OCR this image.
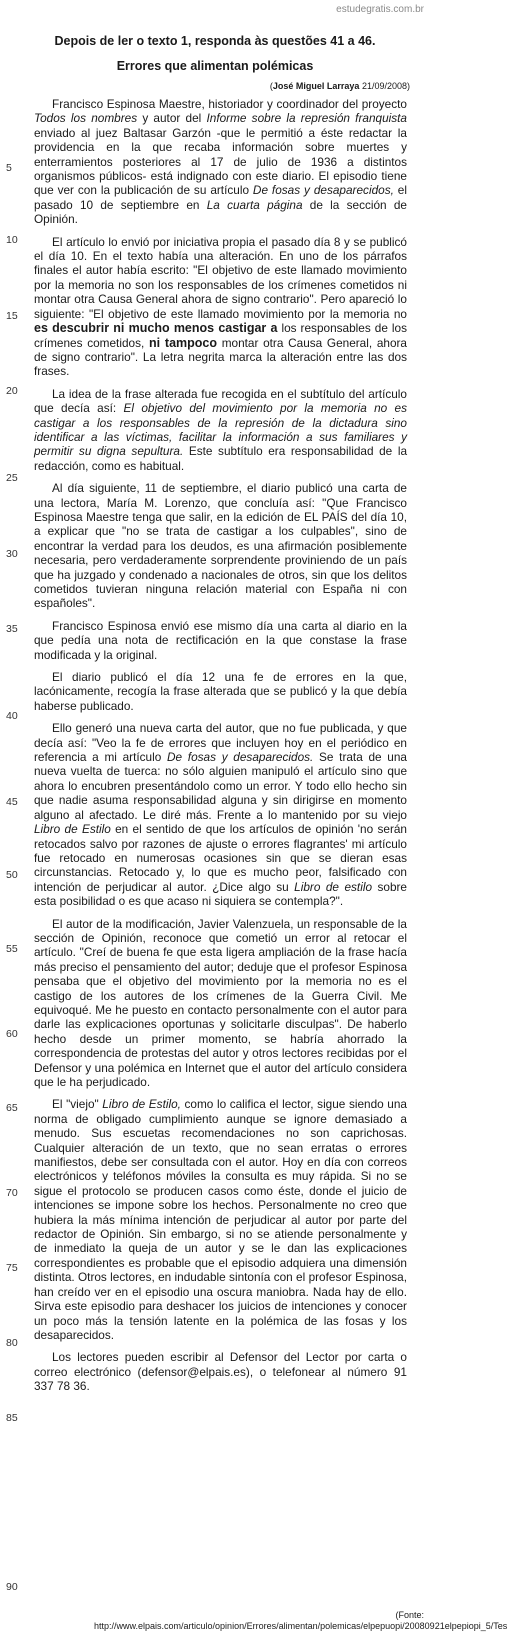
estudegratis.com.br
Depois de ler o texto 1, responda às questões 41 a 46.
Errores que alimentan polémicas
(José Miguel Larraya 21/09/2008)
5
10
15
20
25
30
35
40
45
50
55
60
65
70
75
80
85
90

Francisco Espinosa Maestre, historiador y coordinador del proyecto Todos los nombres y autor del Informe sobre la represión franquista enviado al juez Baltasar Garzón -que le permitió a éste redactar la providencia en la que recaba información sobre muertes y enterramientos posteriores al 17 de julio de 1936 a distintos organismos públicos- está indignado con este diario. El episodio tiene que ver con la publicación de su artículo De fosas y desaparecidos, el pasado 10 de septiembre en La cuarta página de la sección de Opinión.

El artículo lo envió por iniciativa propia el pasado día 8 y se publicó el día 10. En el texto había una alteración. En uno de los párrafos finales el autor había escrito: "El objetivo de este llamado movimiento por la memoria no son los responsables de los crímenes cometidos ni montar otra Causa General ahora de signo contrario". Pero apareció lo siguiente: "El objetivo de este llamado movimiento por la memoria no es descubrir ni mucho menos castigar a los responsables de los crímenes cometidos, ni tampoco montar otra Causa General, ahora de signo contrario". La letra negrita marca la alteración entre las dos frases.

La idea de la frase alterada fue recogida en el subtítulo del artículo que decía así: El objetivo del movimiento por la memoria no es castigar a los responsables de la represión de la dictadura sino identificar a las víctimas, facilitar la información a sus familiares y permitir su digna sepultura. Este subtítulo era responsabilidad de la redacción, como es habitual.

Al día siguiente, 11 de septiembre, el diario publicó una carta de una lectora, María M. Lorenzo, que concluía así: "Que Francisco Espinosa Maestre tenga que salir, en la edición de EL PAÍS del día 10, a explicar que "no se trata de castigar a los culpables", sino de encontrar la verdad para los deudos, es una afirmación posiblemente necesaria, pero verdaderamente sorprendente proviniendo de un país que ha juzgado y condenado a nacionales de otros, sin que los delitos cometidos tuvieran ninguna relación material con España ni con españoles".

Francisco Espinosa envió ese mismo día una carta al diario en la que pedía una nota de rectificación en la que constase la frase modificada y la original.

El diario publicó el día 12 una fe de errores en la que, lacónicamente, recogía la frase alterada que se publicó y la que debía haberse publicado.

Ello generó una nueva carta del autor, que no fue publicada, y que decía así: "Veo la fe de errores que incluyen hoy en el periódico en referencia a mi artículo De fosas y desaparecidos. Se trata de una nueva vuelta de tuerca: no sólo alguien manipuló el artículo sino que ahora lo encubren presentándolo como un error. Y todo ello hecho sin que nadie asuma responsabilidad alguna y sin dirigirse en momento alguno al afectado. Le diré más. Frente a lo mantenido por su viejo Libro de Estilo en el sentido de que los artículos de opinión 'no serán retocados salvo por razones de ajuste o errores flagrantes' mi artículo fue retocado en numerosas ocasiones sin que se dieran esas circunstancias. Retocado y, lo que es mucho peor, falsificado con intención de perjudicar al autor. ¿Dice algo su Libro de estilo sobre esta posibilidad o es que acaso ni siquiera se contempla?".

El autor de la modificación, Javier Valenzuela, un responsable de la sección de Opinión, reconoce que cometió un error al retocar el artículo. "Creí de buena fe que esta ligera ampliación de la frase hacía más preciso el pensamiento del autor; deduje que el profesor Espinosa pensaba que el objetivo del movimiento por la memoria no es el castigo de los autores de los crímenes de la Guerra Civil. Me equivoqué. Me he puesto en contacto personalmente con el autor para darle las explicaciones oportunas y solicitarle disculpas". De haberlo hecho desde un primer momento, se habría ahorrado la correspondencia de protestas del autor y otros lectores recibidas por el Defensor y una polémica en Internet que el autor del artículo considera que le ha perjudicado.

El "viejo" Libro de Estilo, como lo califica el lector, sigue siendo una norma de obligado cumplimiento aunque se ignore demasiado a menudo. Sus escuetas recomendaciones no son caprichosas. Cualquier alteración de un texto, que no sean erratas o errores manifiestos, debe ser consultada con el autor. Hoy en día con correos electrónicos y teléfonos móviles la consulta es muy rápida. Si no se sigue el protocolo se producen casos como éste, donde el juicio de intenciones se impone sobre los hechos. Personalmente no creo que hubiera la más mínima intención de perjudicar al autor por parte del redactor de Opinión. Sin embargo, si no se atiende personalmente y de inmediato la queja de un autor y se le dan las explicaciones correspondientes es probable que el episodio adquiera una dimensión distinta. Otros lectores, en indudable sintonía con el profesor Espinosa, han creído ver en el episodio una oscura maniobra. Nada hay de ello. Sirva este episodio para deshacer los juicios de intenciones y conocer un poco más la tensión latente en la polémica de las fosas y los desaparecidos.

Los lectores pueden escribir al Defensor del Lector por carta o correo electrónico (defensor@elpais.es), o telefonear al número 91 337 78 36.

(Fonte: http://www.elpais.com/articulo/opinion/Errores/alimentan/polemicas/elpepuopi/20080921elpepiopi_5/Tes
